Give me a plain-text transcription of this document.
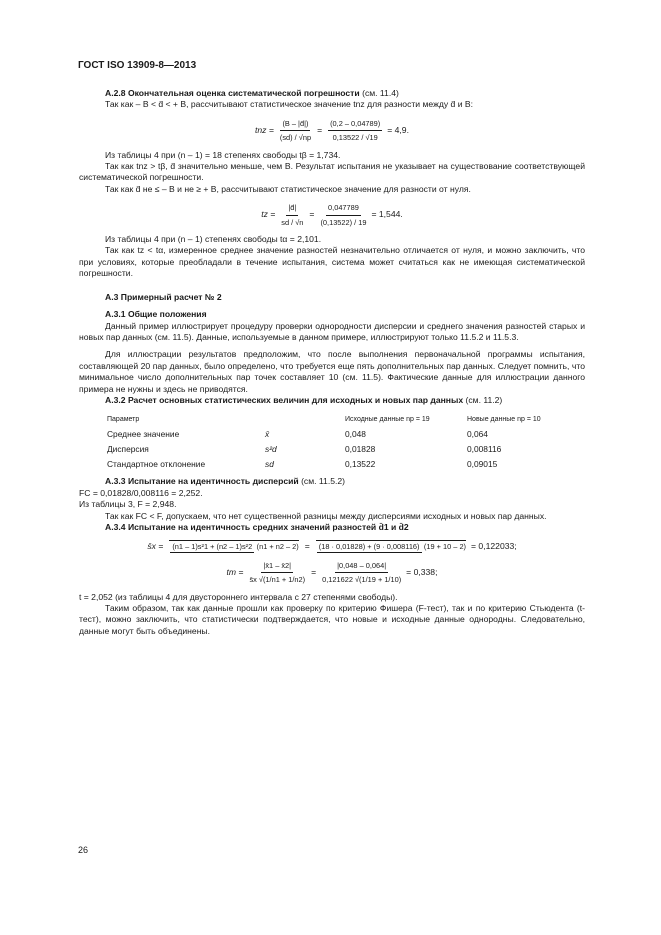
ГОСТ ISO 13909-8—2013

А.2.8 Окончательная оценка систематической погрешности (см. 11.4)

Так как – B < d̄ < + B, рассчитывают статистическое значение tnz для разности между d̄ и B:

tnz = $\frac{(B - |d̄|)}{(sd) / √np} = \frac{(0,2 - 0,04789)}{0,13522 / √19} = 4,9$.

Из таблицы 4 при (n – 1) = 18 степенях свободы tβ = 1,734.

Так как tnz > tβ, d̄ значительно меньше, чем B. Результат испытания не указывает на существование соответствующей систематической погрешности.

Так как d̄ не ≤ – B и не ≥ + B, рассчитывают статистическое значение для разности от нуля.

tz = $\frac{|d̄|}{sd / √n} = \frac{0,047789}{(0,13522) / 19} = 1,544$.

Из таблицы 4 при (n – 1) степенях свободы tα = 2,101.

Так как tz < tα, измеренное среднее значение разностей незначительно отличается от нуля, и можно заключить, что при условиях, которые преобладали в течение испытания, система может считаться как не имеющая систематической погрешности.

А.3 Примерный расчет № 2

А.3.1 Общие положения

Данный пример иллюстрирует процедуру проверки однородности дисперсии и среднего значения разностей старых и новых пар данных (см. 11.5). Данные, используемые в данном примере, иллюстрируют только 11.5.2 и 11.5.3.

Для иллюстрации результатов предположим, что после выполнения первоначальной программы испытания, составляющей 20 пар данных, было определено, что требуется еще пять дополнительных пар данных. Следует помнить, что минимальное число дополнительных пар точек составляет 10 (см. 11.5). Фактические данные для иллюстрации данного примера не нужны и здесь не приводятся.

А.3.2 Расчет основных статистических величин для исходных и новых пар данных (см. 11.2)

Параметр		Исходные данные np = 19	Новые данные np = 10
Среднее значение	x̄	0,048	0,064
Дисперсия	s²d	0,01828	0,008116
Стандартное отклонение	sd	0,13522	0,09015

А.3.3 Испытание на идентичность дисперсий (см. 11.5.2)

FC = 0,01828/0,008116 = 2,252.

Из таблицы 3, F = 2,948.

Так как FC < F, допускаем, что нет существенной разницы между дисперсиями исходных и новых пар данных.

А.3.4 Испытание на идентичность средних значений разностей d̄1 и d̄2

s̄x =	(n1 – 1)s²1 + (n2 – 1)s²2 (n1 + n2 – 2) =	(18 · 0,01828) + (9 · 0,008116) (19 + 10 – 2) = 0,122033;
tm = $\frac{|x̄1 - x̄2|}{s̄x √(1/n1 + 1/n2)} = \frac{|0,048 - 0,064|}{0,121622 √(1/19 + 1/10)} = 0,338$;

t = 2,052 (из таблицы 4 для двустороннего интервала с 27 степенями свободы).

Таким образом, так как данные прошли как проверку по критерию Фишера (F-тест), так и по критерию Стьюдента (t-тест), можно заключить, что статистически подтверждается, что новые и исходные данные однородны. Следовательно, данные могут быть объединены.

26
